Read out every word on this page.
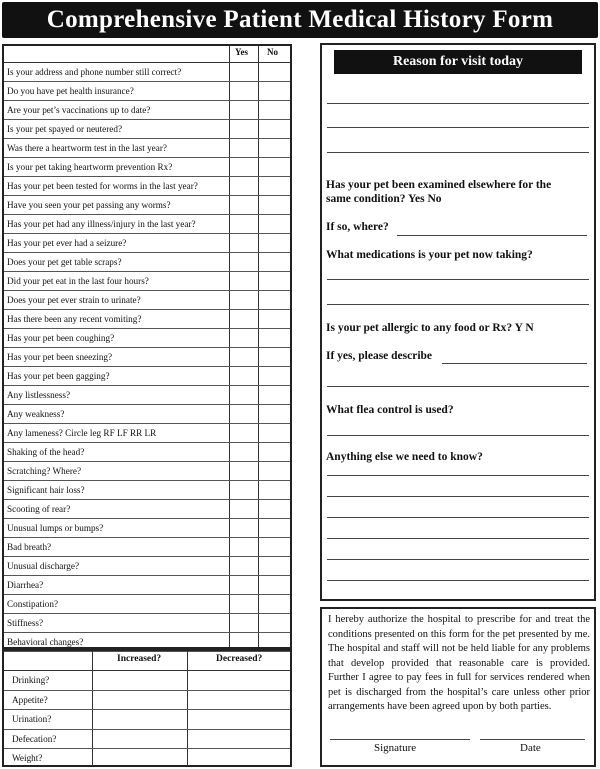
Comprehensive Patient Medical History Form
Yes No
Is your address and phone number still correct?
Do you have pet health insurance?
Are your pet’s vaccinations up to date?
Is your pet spayed or neutered?
Was there a heartworm test in the last year?
Is your pet taking heartworm prevention Rx?
Has your pet been tested for worms in the last year?
Have you seen your pet passing any worms?
Has your pet had any illness/injury in the last year?
Has your pet ever had a seizure?
Does your pet get table scraps?
Did your pet eat in the last four hours?
Does your pet ever strain to urinate?
Has there been any recent vomiting?
Has your pet been coughing?
Has your pet been sneezing?
Has your pet been gagging?
Any listlessness?
Any weakness?
Any lameness? Circle leg RF LF RR LR
Shaking of the head?
Scratching? Where?
Significant hair loss?
Scooting of rear?
Unusual lumps or bumps?
Bad breath?
Unusual discharge?
Diarrhea?
Constipation?
Stiffness?
Behavioral changes?
Increased?	Decreased?
Drinking?
Appetite?
Urination?
Defecation?
Weight?
Reason for visit today
Has your pet been examined elsewhere for the
same condition? Yes No
If so, where?
What medications is your pet now taking?
Is your pet allergic to any food or Rx? Y N
If yes, please describe
What flea control is used?
Anything else we need to know?
I hereby authorize the hospital to prescribe for and treat the conditions presented on this form for the pet presented by me. The hospital and staff will not be held liable for any problems that develop provided that reasonable care is provided. Further I agree to pay fees in full for services rendered when pet is discharged from the hospital’s care unless other prior arrangements have been agreed upon by both parties.
Signature	Date
